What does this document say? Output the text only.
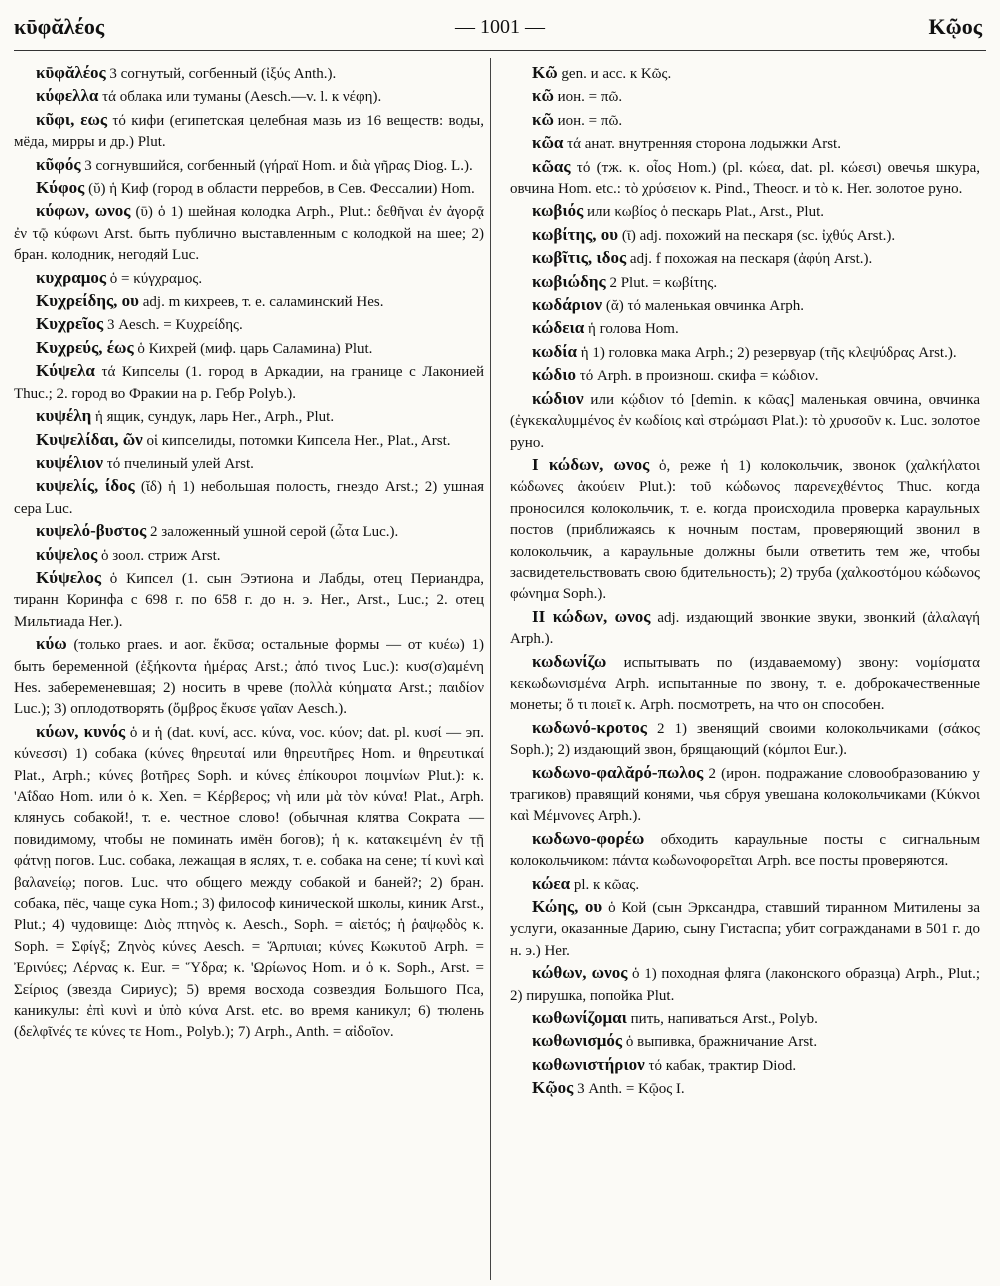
κῡφᾰλέος	— 1001 —	Κῷος

κῡφᾰλέος 3 согнутый, согбенный (ἰξύς Anth.).

κύφελλα τά облака или туманы (Aesch.—v. l. к νέφη).

κῦφι, εως τό кифи (египетская целебная мазь из 16 веществ: воды, мёда, мирры и др.) Plut.

κῦφός 3 согнувшийся, согбенный (γήραϊ Hom. и διὰ γῆρας Diog. L.).

Κύφος (ῠ) ἡ Киф (город в области перребов, в Сев. Фессалии) Hom.

κύφων, ωνος (ῡ) ὁ 1) шейная колодка Arph., Plut.: δεθῆναι ἐν ἀγορᾷ ἐν τῷ κύφωνι Arst. быть публично выставленным с колодкой на шее; 2) бран. колодник, негодяй Luc.

κυχραμος ὁ = κύγχραμος.

Κυχρείδης, ου adj. m кихреев, т. е. саламинский Hes.

Κυχρεῖος 3 Aesch. = Κυχρείδης.

Κυχρεύς, έως ὁ Кихрей (миф. царь Саламина) Plut.

Κύψελα τά Кипселы (1. город в Аркадии, на границе с Лаконией Thuc.; 2. город во Фракии на р. Гебр Polyb.).

κυψέλη ἡ ящик, сундук, ларь Her., Arph., Plut.

Κυψελίδαι, ῶν οἱ кипселиды, потомки Кипсела Her., Plat., Arst.

κυψέλιον τό пчелиный улей Arst.

κυψελίς, ίδος (ῐδ) ἡ 1) небольшая полость, гнездо Arst.; 2) ушная сера Luc.

κυψελό-βυστος 2 заложенный ушной серой (ὦτα Luc.).

κύψελος ὁ зоол. стриж Arst.

Κύψελος ὁ Кипсел (1. сын Ээтиона и Лабды, отец Периандра, тиранн Коринфа с 698 г. по 658 г. до н. э. Her., Arst., Luc.; 2. отец Мильтиада Her.).

κύω (только praes. и aor. ἔκῡσα; остальные формы — от κυέω) 1) быть беременной (ἑξήκοντα ἡμέρας Arst.; ἀπό τινος Luc.): κυσ(σ)αμένη Hes. забеременевшая; 2) носить в чреве (πολλὰ κύηματα Arst.; παιδίον Luc.); 3) оплодотворять (ὄμβρος ἔκυσε γαῖαν Aesch.).

κύων, κυνός ὁ и ἡ (dat. κυνί, acc. κύνα, voc. κύον; dat. pl. κυσί — эп. κύνεσσι) 1) собака (κύνες θηρευταί или θηρευτῆρες Hom. и θηρευτικαί Plat., Arph.; κύνες βοτῆρες Soph. и κύνες ἐπίκουροι ποιμνίων Plut.): κ. 'Αΐδαο Hom. или ὁ κ. Xen. = Κέρβερος; νὴ или μὰ τὸν κύνα! Plat., Arph. клянусь собакой!, т. е. честное слово! (обычная клятва Сократа — повидимому, чтобы не поминать имён богов); ἡ κ. κατακειμένη ἐν τῇ φάτνῃ погов. Luc. собака, лежащая в яслях, т. е. собака на сене; τί κυνὶ καὶ βαλανείῳ; погов. Luc. что общего между собакой и баней?; 2) бран. собака, пёс, чаще сука Hom.; 3) философ кинической школы, киник Arst., Plut.; 4) чудовище: Διὸς πτηνὸς κ. Aesch., Soph. = αἰετός; ἡ ῥαψῳδὸς κ. Soph. = Σφίγξ; Ζηνὸς κύνες Aesch. = Ἅρπυιαι; κύνες Κωκυτοῦ Arph. = Ἐρινύες; Λέρνας κ. Eur. = Ὕδρα; κ. 'Ωρίωνος Hom. и ὁ κ. Soph., Arst. = Σείριος (звезда Сириус); 5) время восхода созвездия Большого Пса, каникулы: ἐπὶ κυνὶ и ὑπὸ κύνα Arst. etc. во время каникул; 6) тюлень (δελφῖνές τε κύνες τε Hom., Polyb.); 7) Arph., Anth. = αἰδοῖον.

Κῶ gen. и acc. к Κῶς.

κῶ ион. = πῶ.

κῶ ион. = πῶ.

κῶα τά анат. внутренняя сторона лодыжки Arst.

κῶας τό (тж. κ. οἶος Hom.) (pl. κώεα, dat. pl. κώεσι) овечья шкура, овчина Hom. etc.: τὸ χρύσειον κ. Pind., Theocr. и τὸ κ. Her. золотое руно.

κωβιός или κωβίος ὁ пескарь Plat., Arst., Plut.

κωβίτης, ου (ῑ) adj. похожий на пескаря (sc. ἰχθύς Arst.).

κωβῖτις, ιδος adj. f похожая на пескаря (ἀφύη Arst.).

κωβιώδης 2 Plut. = κωβίτης.

κωδάριον (ᾰ) τό маленькая овчинка Arph.

κώδεια ἡ голова Hom.

κωδία ἡ 1) головка мака Arph.; 2) резервуар (τῆς κλεψύδρας Arst.).

κώδιο τό Arph. в произнош. скифа = κώδιον.

κώδιον или κῴδιον τό [demin. к κῶας] маленькая овчина, овчинка (ἐγκεκαλυμμένος ἐν κωδίοις καὶ στρώμασι Plat.): τὸ χρυσοῦν κ. Luc. золотое руно.

I κώδων, ωνος ὁ, реже ἡ 1) колокольчик, звонок (χαλκήλατοι κώδωνες ἀκούειν Plut.): τοῦ κώδωνος παρενεχθέντος Thuc. когда проносился колокольчик, т. е. когда происходила проверка караульных постов (приближаясь к ночным постам, проверяющий звонил в колокольчик, а караульные должны были ответить тем же, чтобы засвидетельствовать свою бдительность); 2) труба (χαλκοστόμου κώδωνος φώνημα Soph.).

II κώδων, ωνος adj. издающий звонкие звуки, звонкий (ἀλαλαγή Arph.).

κωδωνίζω испытывать по (издаваемому) звону: νομίσματα κεκωδωνισμένα Arph. испытанные по звону, т. е. доброкачественные монеты; ὅ τι ποιεῖ κ. Arph. посмотреть, на что он способен.

κωδωνό-κροτος 2 1) звенящий своими колокольчиками (σάκος Soph.); 2) издающий звон, брящающий (κόμποι Eur.).

κωδωνο-φαλᾰρό-πωλος 2 (ирон. подражание словообразованию у трагиков) правящий конями, чья сбруя увешана колокольчиками (Κύκνοι καὶ Μέμνονες Arph.).

κωδωνο-φορέω обходить караульные посты с сигнальным колокольчиком: πάντα κωδωνοφορεῖται Arph. все посты проверяются.

κώεα pl. к κῶας.

Κώης, ου ὁ Кой (сын Эрксандра, ставший тиранном Митилены за услуги, оказанные Дарию, сыну Гистаспа; убит согражданами в 501 г. до н. э.) Her.

κώθων, ωνος ὁ 1) походная фляга (лаконского образца) Arph., Plut.; 2) пирушка, попойка Plut.

κωθωνίζομαι пить, напиваться Arst., Polyb.

κωθωνισμός ὁ выпивка, бражничание Arst.

κωθωνιστήριον τό кабак, трактир Diod.

Κῷος 3 Anth. = Κῷος I.
